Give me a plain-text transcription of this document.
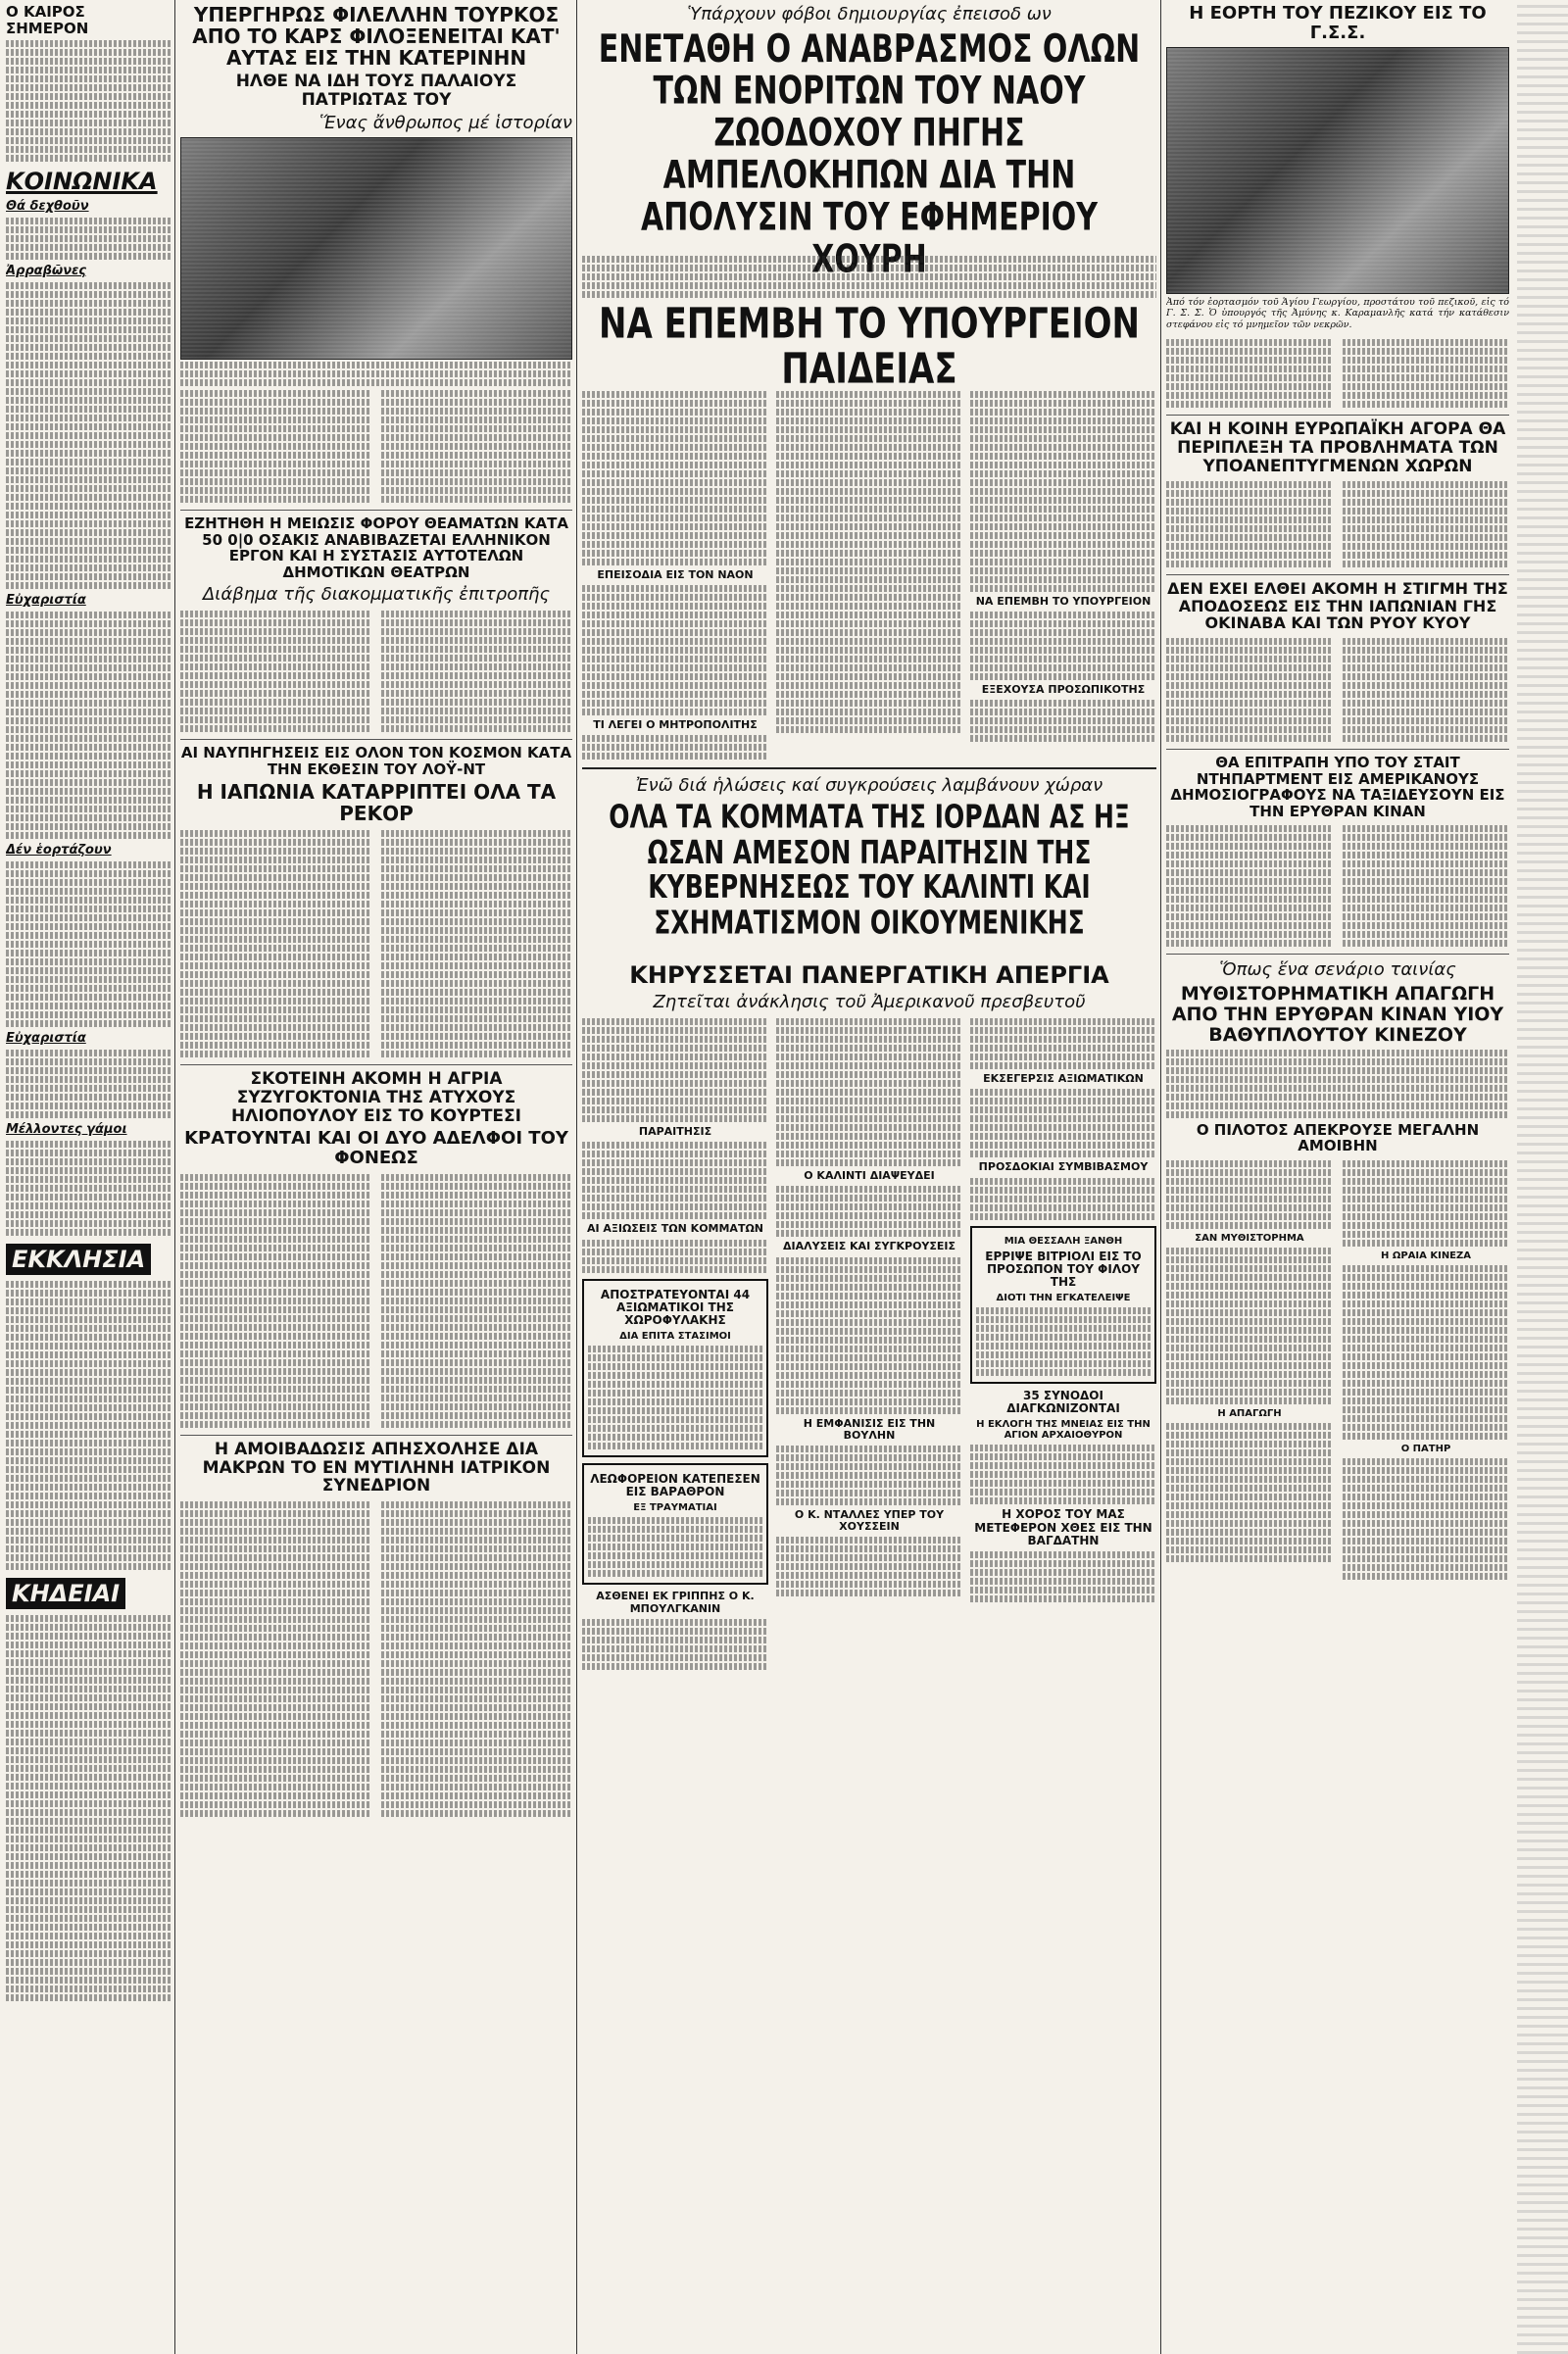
Ο ΚΑΙΡΟΣ ΣΗΜΕΡΟΝ
ΚΟΙΝΩΝΙΚΑ
Θά δεχθοῦν
Ἀρραβῶνες
Εὐχαριστία
Δέν ἑορτάζουν
Εὐχαριστία
Μέλλοντες γάμοι
ΕΚΚΛΗΣΙΑ
ΚΗΔΕΙΑΙ
ΥΠΕΡΓΗΡΩΣ ΦΙΛΕΛΛΗΝ ΤΟΥΡΚΟΣ ΑΠΟ ΤΟ ΚΑΡΣ ΦΙΛΟΞΕΝΕΙΤΑΙ ΚΑΤ' ΑΥΤΑΣ ΕΙΣ ΤΗΝ ΚΑΤΕΡΙΝΗΝ
ΗΛΘΕ ΝΑ ΙΔΗ ΤΟΥΣ ΠΑΛΑΙΟΥΣ ΠΑΤΡΙΩΤΑΣ ΤΟΥ
Ἕνας ἄνθρωπος μέ ἱστορίαν
ΕΖΗΤΗΘΗ Η ΜΕΙΩΣΙΣ ΦΟΡΟΥ ΘΕΑΜΑΤΩΝ ΚΑΤΑ 50 0|0 ΟΣΑΚΙΣ ΑΝΑΒΙΒΑΖΕΤΑΙ ΕΛΛΗΝΙΚΟΝ ΕΡΓΟΝ ΚΑΙ Η ΣΥΣΤΑΣΙΣ ΑΥΤΟΤΕΛΩΝ ΔΗΜΟΤΙΚΩΝ ΘΕΑΤΡΩΝ
Διάβημα τῆς διακομματικῆς ἐπιτροπῆς
ΑΙ ΝΑΥΠΗΓΗΣΕΙΣ ΕΙΣ ΟΛΟΝ ΤΟΝ ΚΟΣΜΟΝ ΚΑΤΑ ΤΗΝ ΕΚΘΕΣΙΝ ΤΟΥ ΛΟΫ-ΝΤ
Η ΙΑΠΩΝΙΑ ΚΑΤΑΡΡΙΠΤΕΙ ΟΛΑ ΤΑ ΡΕΚΟΡ
ΣΚΟΤΕΙΝΗ ΑΚΟΜΗ Η ΑΓΡΙΑ ΣΥΖΥΓΟΚΤΟΝΙΑ ΤΗΣ ΑΤΥΧΟΥΣ ΗΛΙΟΠΟΥΛΟΥ ΕΙΣ ΤΟ ΚΟΥΡΤΕΣΙ
ΚΡΑΤΟΥΝΤΑΙ ΚΑΙ ΟΙ ΔΥΟ ΑΔΕΛΦΟΙ ΤΟΥ ΦΟΝΕΩΣ
Η ΑΜΟΙΒΑΔΩΣΙΣ ΑΠΗΣΧΟΛΗΣΕ ΔΙΑ ΜΑΚΡΩΝ ΤΟ ΕΝ ΜΥΤΙΛΗΝΗ ΙΑΤΡΙΚΟΝ ΣΥΝΕΔΡΙΟΝ
Ὑπάρχουν φόβοι δημιουργίας ἐπεισοδ ων
ΕΝΕΤΑΘΗ Ο ΑΝΑΒΡΑΣΜΟΣ ΟΛΩΝ ΤΩΝ ΕΝΟΡΙΤΩΝ ΤΟΥ ΝΑΟΥ ΖΩΟΔΟΧΟΥ ΠΗΓΗΣ ΑΜΠΕΛΟΚΗΠΩΝ ΔΙΑ ΤΗΝ ΑΠΟΛΥΣΙΝ ΤΟΥ ΕΦΗΜΕΡΙΟΥ ΧΟΥΡΗ
ΝΑ ΕΠΕΜΒΗ ΤΟ ΥΠΟΥΡΓΕΙΟΝ ΠΑΙΔΕΙΑΣ
ΕΠΕΙΣΟΔΙΑ ΕΙΣ ΤΟΝ ΝΑΟΝ
ΤΙ ΛΕΓΕΙ Ο ΜΗΤΡΟΠΟΛΙΤΗΣ
ΝΑ ΕΠΕΜΒΗ ΤΟ ΥΠΟΥΡΓΕΙΟΝ
ΕΞΕΧΟΥΣΑ ΠΡΟΣΩΠΙΚΟΤΗΣ
Ἐνῶ διά ἡλώσεις καί συγκρούσεις λαμβάνουν χώραν
ΟΛΑ ΤΑ ΚΟΜΜΑΤΑ ΤΗΣ ΙΟΡΔΑΝ ΑΣ ΗΞ ΩΣΑΝ ΑΜΕΣΟΝ ΠΑΡΑΙΤΗΣΙΝ ΤΗΣ ΚΥΒΕΡΝΗΣΕΩΣ ΤΟΥ ΚΑΛΙΝΤΙ ΚΑΙ ΣΧΗΜΑΤΙΣΜΟΝ ΟΙΚΟΥΜΕΝΙΚΗΣ
ΚΗΡΥΣΣΕΤΑΙ ΠΑΝΕΡΓΑΤΙΚΗ ΑΠΕΡΓΙΑ
Ζητεῖται ἀνάκλησις τοῦ Ἀμερικανοῦ πρεσβευτοῦ
ΠΑΡΑΙΤΗΣΙΣ
ΑΙ ΑΞΙΩΣΕΙΣ ΤΩΝ ΚΟΜΜΑΤΩΝ
ΑΠΟΣΤΡΑΤΕΥΟΝΤΑΙ 44 ΑΞΙΩΜΑΤΙΚΟΙ ΤΗΣ ΧΩΡΟΦΥΛΑΚΗΣ
ΔΙΑ ΕΠΙΤΑ ΣΤΑΣΙΜΟΙ
ΛΕΩΦΟΡΕΙΟΝ ΚΑΤΕΠΕΣΕΝ ΕΙΣ ΒΑΡΑΘΡΟΝ
ΕΞ ΤΡΑΥΜΑΤΙΑΙ
ΑΣΘΕΝΕΙ ΕΚ ΓΡΙΠΠΗΣ Ο Κ. ΜΠΟΥΛΓΚΑΝΙΝ
Ο ΚΑΛΙΝΤΙ ΔΙΑΨΕΥΔΕΙ
ΔΙΑΛΥΣΕΙΣ ΚΑΙ ΣΥΓΚΡΟΥΣΕΙΣ
Η ΕΜΦΑΝΙΣΙΣ ΕΙΣ ΤΗΝ ΒΟΥΛΗΝ
Ο Κ. ΝΤΑΛΛΕΣ ΥΠΕΡ ΤΟΥ ΧΟΥΣΣΕΙΝ
ΕΚΣΕΓΕΡΣΙΣ ΑΞΙΩΜΑΤΙΚΩΝ
ΠΡΟΣΔΟΚΙΑΙ ΣΥΜΒΙΒΑΣΜΟΥ
ΜΙΑ ΘΕΣΣΑΛΗ ΞΑΝΘΗ
ΕΡΡΙΨΕ ΒΙΤΡΙΟΛΙ ΕΙΣ ΤΟ ΠΡΟΣΩΠΟΝ ΤΟΥ ΦΙΛΟΥ ΤΗΣ
ΔΙΟΤΙ ΤΗΝ ΕΓΚΑΤΕΛΕΙΨΕ
35 ΣΥΝΟΔΟΙ ΔΙΑΓΚΩΝΙΖΟΝΤΑΙ
Η ΕΚΛΟΓΗ ΤΗΣ ΜΝΕΙΑΣ ΕΙΣ ΤΗΝ ΑΓΙΟΝ ΑΡΧΑΙΟΘΥΡΟΝ
Η ΧΟΡΟΣ ΤΟΥ ΜΑΣ ΜΕΤΕΦΕΡΟΝ ΧΘΕΣ ΕΙΣ ΤΗΝ ΒΑΓΔΑΤΗΝ
Η ΕΟΡΤΗ ΤΟΥ ΠΕΖΙΚΟΥ ΕΙΣ ΤΟ Γ.Σ.Σ.
Ἀπό τόν ἑορτασμόν τοῦ Ἁγίου Γεωργίου, προστάτου τοῦ πεζικοῦ, εἰς τό Γ. Σ. Σ. Ὁ ὑπουργός τῆς Ἀμύνης κ. Καραμανλῆς κατά τήν κατάθεσιν στεφάνου εἰς τό μνημεῖον τῶν νεκρῶν.
ΚΑΙ Η ΚΟΙΝΗ ΕΥΡΩΠΑΪΚΗ ΑΓΟΡΑ ΘΑ ΠΕΡΙΠΛΕΞΗ ΤΑ ΠΡΟΒΛΗΜΑΤΑ ΤΩΝ ΥΠΟΑΝΕΠΤΥΓΜΕΝΩΝ ΧΩΡΩΝ
ΔΕΝ ΕΧΕΙ ΕΛΘΕΙ ΑΚΟΜΗ Η ΣΤΙΓΜΗ ΤΗΣ ΑΠΟΔΟΣΕΩΣ ΕΙΣ ΤΗΝ ΙΑΠΩΝΙΑΝ ΓΗΣ ΟΚΙΝΑΒΑ ΚΑΙ ΤΩΝ ΡΥΟΥ ΚΥΟΥ
ΘΑ ΕΠΙΤΡΑΠΗ ΥΠΟ ΤΟΥ ΣΤΑΙΤ ΝΤΗΠΑΡΤΜΕΝΤ ΕΙΣ ΑΜΕΡΙΚΑΝΟΥΣ ΔΗΜΟΣΙΟΓΡΑΦΟΥΣ ΝΑ ΤΑΞΙΔΕΥΣΟΥΝ ΕΙΣ ΤΗΝ ΕΡΥΘΡΑΝ ΚΙΝΑΝ
Ὅπως ἕνα σενάριο ταινίας
ΜΥΘΙΣΤΟΡΗΜΑΤΙΚΗ ΑΠΑΓΩΓΗ ΑΠΟ ΤΗΝ ΕΡΥΘΡΑΝ ΚΙΝΑΝ ΥΙΟΥ ΒΑΘΥΠΛΟΥΤΟΥ ΚΙΝΕΖΟΥ
Ο ΠΙΛΟΤΟΣ ΑΠΕΚΡΟΥΣΕ ΜΕΓΑΛΗΝ ΑΜΟΙΒΗΝ
ΣΑΝ ΜΥΘΙΣΤΟΡΗΜΑ
Η ΑΠΑΓΩΓΗ
Η ΩΡΑΙΑ ΚΙΝΕΖΑ
Ο ΠΑΤΗΡ
